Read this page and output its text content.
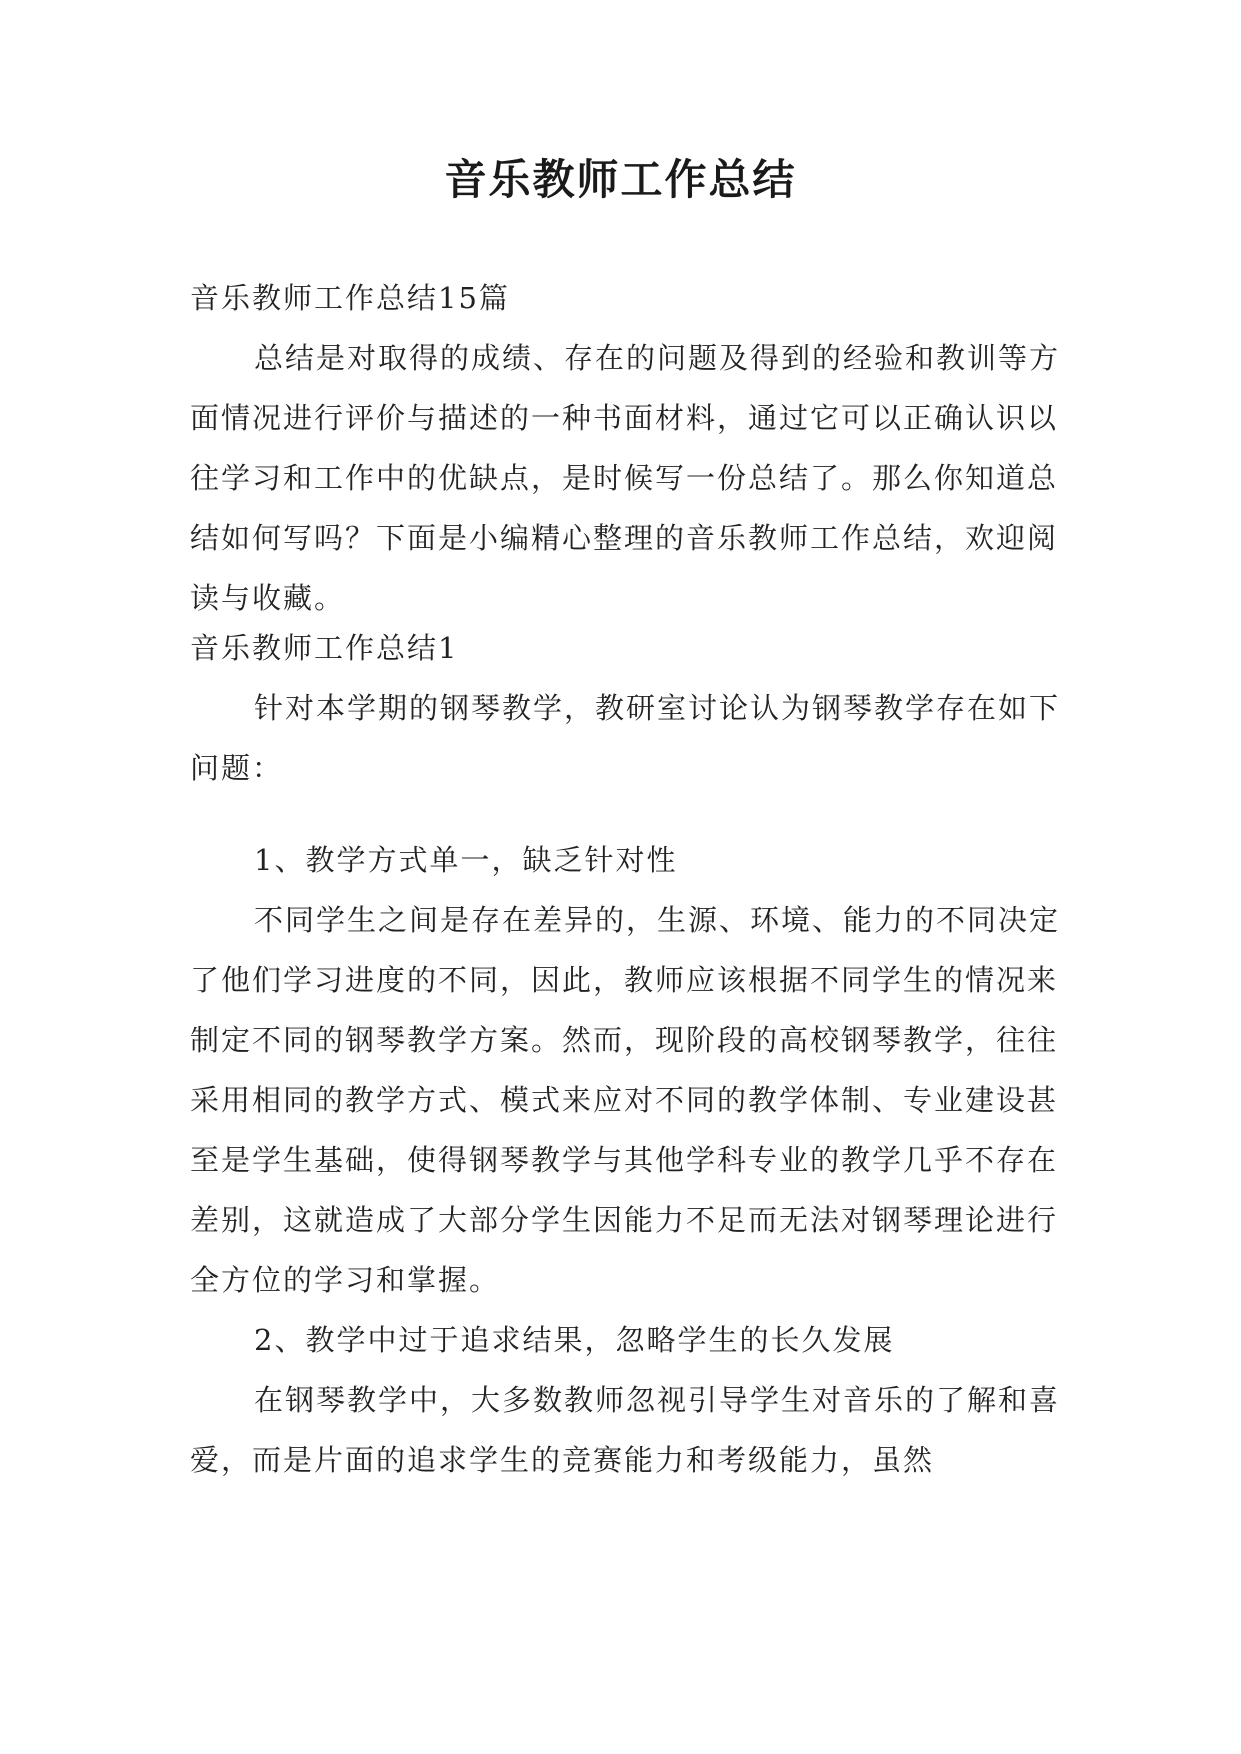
音乐教师工作总结

音乐教师工作总结15篇

总结是对取得的成绩、存在的问题及得到的经验和教训等方面情况进行评价与描述的一种书面材料，通过它可以正确认识以往学习和工作中的优缺点，是时候写一份总结了。那么你知道总结如何写吗？下面是小编精心整理的音乐教师工作总结，欢迎阅读与收藏。

音乐教师工作总结1

针对本学期的钢琴教学，教研室讨论认为钢琴教学存在如下问题：

1、教学方式单一，缺乏针对性

不同学生之间是存在差异的，生源、环境、能力的不同决定了他们学习进度的不同，因此，教师应该根据不同学生的情况来制定不同的钢琴教学方案。然而，现阶段的高校钢琴教学，往往采用相同的教学方式、模式来应对不同的教学体制、专业建设甚至是学生基础，使得钢琴教学与其他学科专业的教学几乎不存在差别，这就造成了大部分学生因能力不足而无法对钢琴理论进行全方位的学习和掌握。

2、教学中过于追求结果，忽略学生的长久发展

在钢琴教学中，大多数教师忽视引导学生对音乐的了解和喜爱，而是片面的追求学生的竞赛能力和考级能力，虽然
